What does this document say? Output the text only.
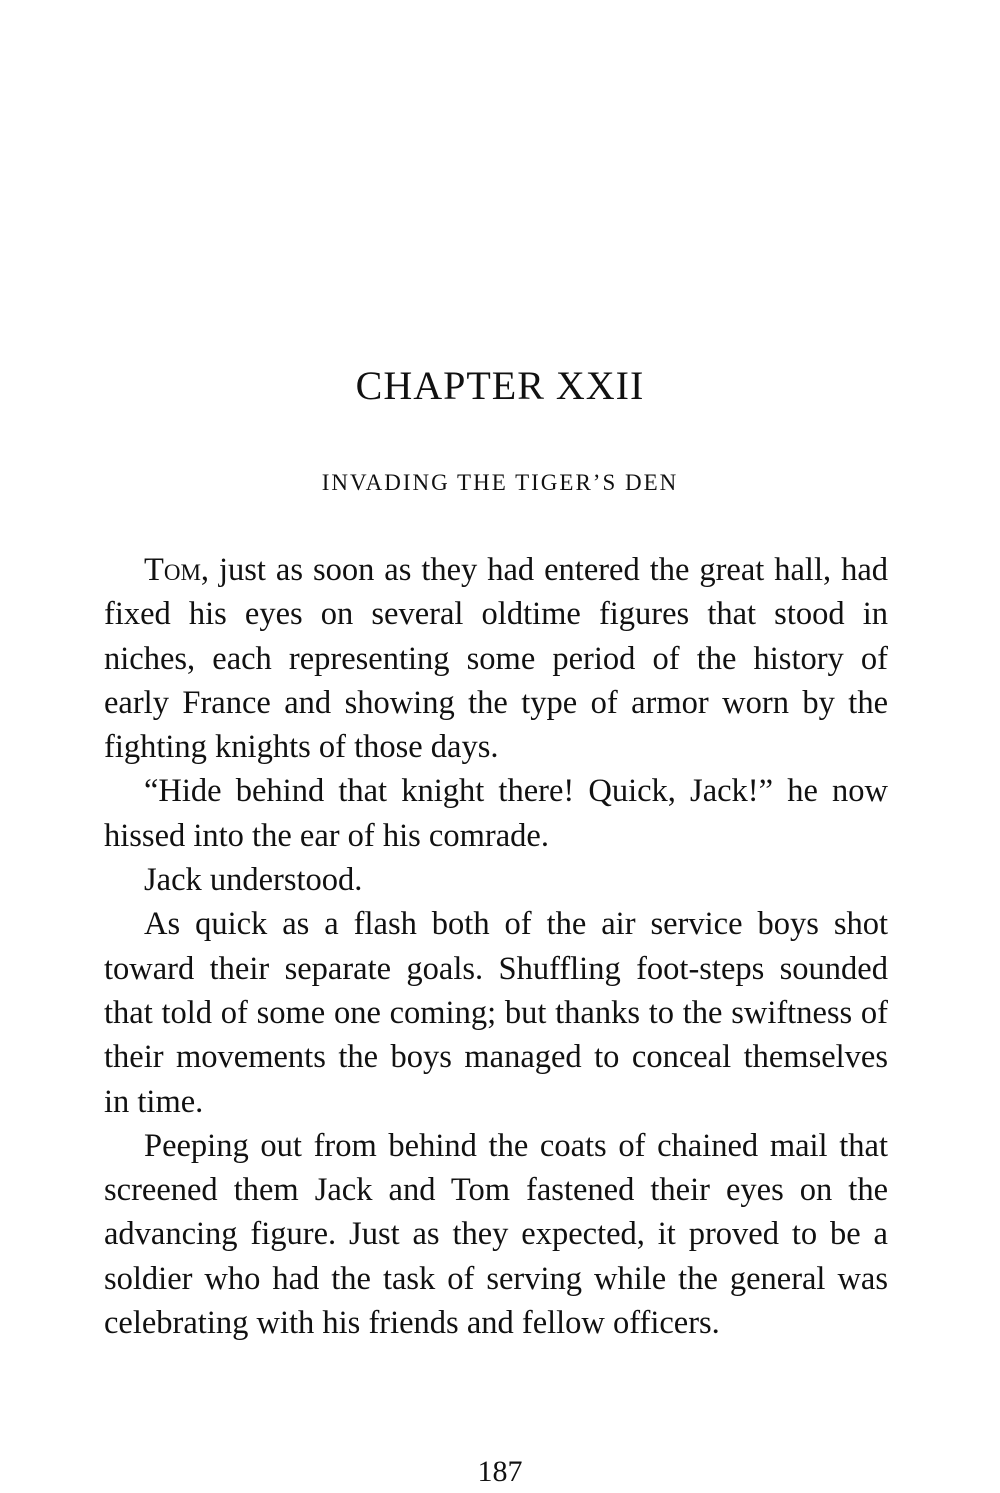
CHAPTER XXII
INVADING THE TIGER’S DEN

Tom, just as soon as they had entered the great hall, had fixed his eyes on several oldtime figures that stood in niches, each representing some period of the history of early France and showing the type of armor worn by the fighting knights of those days.

“Hide behind that knight there! Quick, Jack!” he now hissed into the ear of his comrade.

Jack understood.

As quick as a flash both of the air service boys shot toward their separate goals. Shuffling foot-steps sounded that told of some one coming; but thanks to the swiftness of their movements the boys managed to conceal themselves in time.

Peeping out from behind the coats of chained mail that screened them Jack and Tom fastened their eyes on the advancing figure. Just as they expected, it proved to be a soldier who had the task of serving while the general was celebrating with his friends and fellow officers.

187
